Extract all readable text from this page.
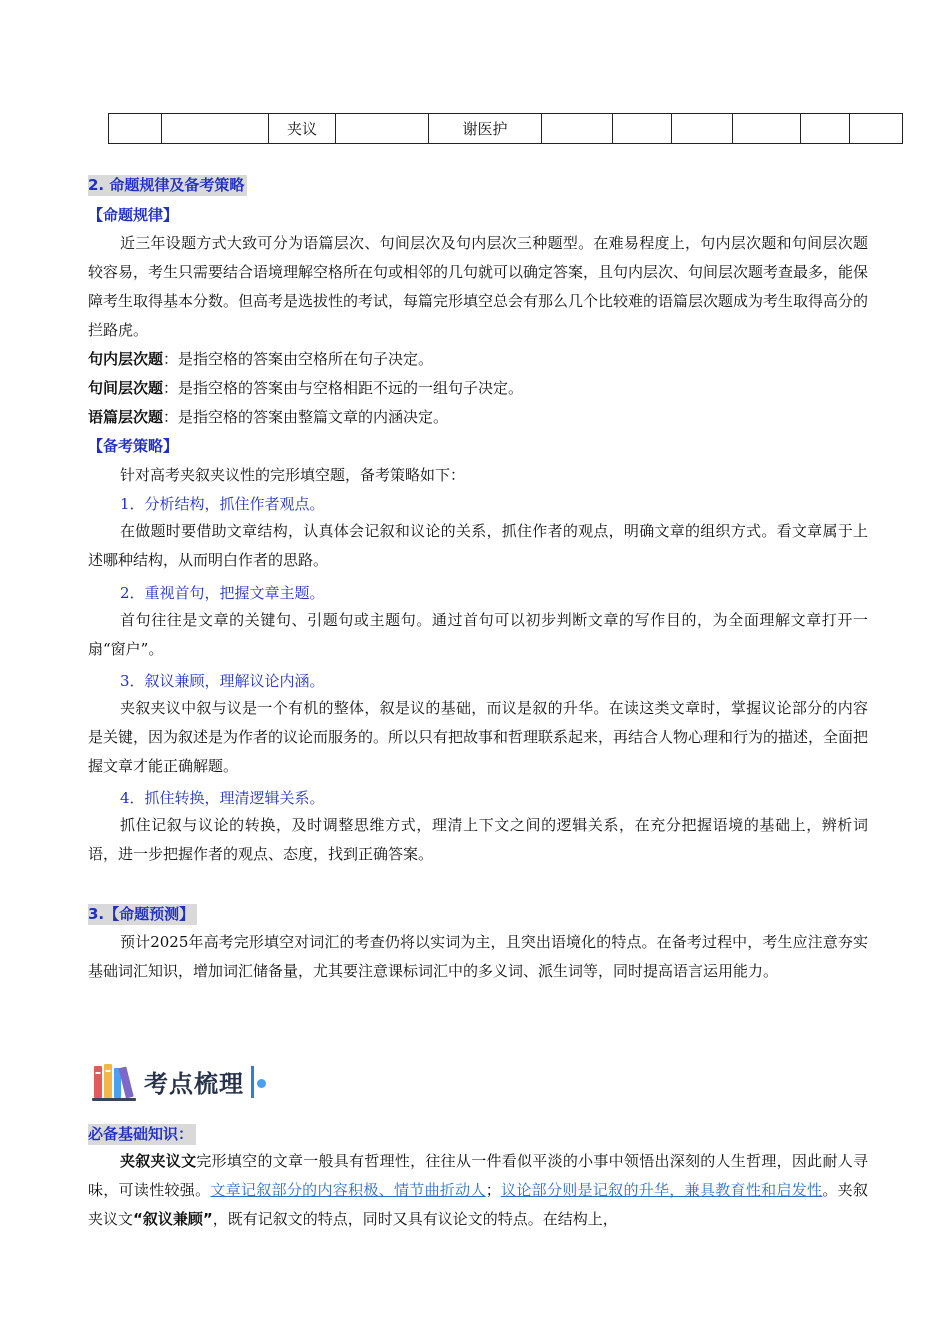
		夹议		谢医护						
2. 命题规律及备考策略
【命题规律】
近三年设题方式大致可分为语篇层次、句间层次及句内层次三种题型。在难易程度上，句内层次题和句间层次题较容易，考生只需要结合语境理解空格所在句或相邻的几句就可以确定答案，且句内层次、句间层次题考查最多，能保障考生取得基本分数。但高考是选拔性的考试，每篇完形填空总会有那么几个比较难的语篇层次题成为考生取得高分的拦路虎。
句内层次题：是指空格的答案由空格所在句子决定。
句间层次题：是指空格的答案由与空格相距不远的一组句子决定。
语篇层次题：是指空格的答案由整篇文章的内涵决定。
【备考策略】
针对高考夹叙夹议性的完形填空题，备考策略如下：
1．分析结构，抓住作者观点。
在做题时要借助文章结构，认真体会记叙和议论的关系，抓住作者的观点，明确文章的组织方式。看文章属于上述哪种结构，从而明白作者的思路。
2．重视首句，把握文章主题。
首句往往是文章的关键句、引题句或主题句。通过首句可以初步判断文章的写作目的，为全面理解文章打开一扇“窗户”。
3．叙议兼顾，理解议论内涵。
夹叙夹议中叙与议是一个有机的整体，叙是议的基础，而议是叙的升华。在读这类文章时，掌握议论部分的内容是关键，因为叙述是为作者的议论而服务的。所以只有把故事和哲理联系起来，再结合人物心理和行为的描述，全面把握文章才能正确解题。
4．抓住转换，理清逻辑关系。
抓住记叙与议论的转换，及时调整思维方式，理清上下文之间的逻辑关系，在充分把握语境的基础上，辨析词语，进一步把握作者的观点、态度，找到正确答案。
3.【命题预测】
预计2025年高考完形填空对词汇的考查仍将以实词为主，且突出语境化的特点。在备考过程中，考生应注意夯实基础词汇知识，增加词汇储备量，尤其要注意课标词汇中的多义词、派生词等，同时提高语言运用能力。
考点梳理
必备基础知识：
夹叙夹议文完形填空的文章一般具有哲理性，往往从一件看似平淡的小事中领悟出深刻的人生哲理，因此耐人寻味，可读性较强。文章记叙部分的内容积极、情节曲折动人；议论部分则是记叙的升华，兼具教育性和启发性。夹叙夹议文“叙议兼顾”，既有记叙文的特点，同时又具有议论文的特点。在结构上，
